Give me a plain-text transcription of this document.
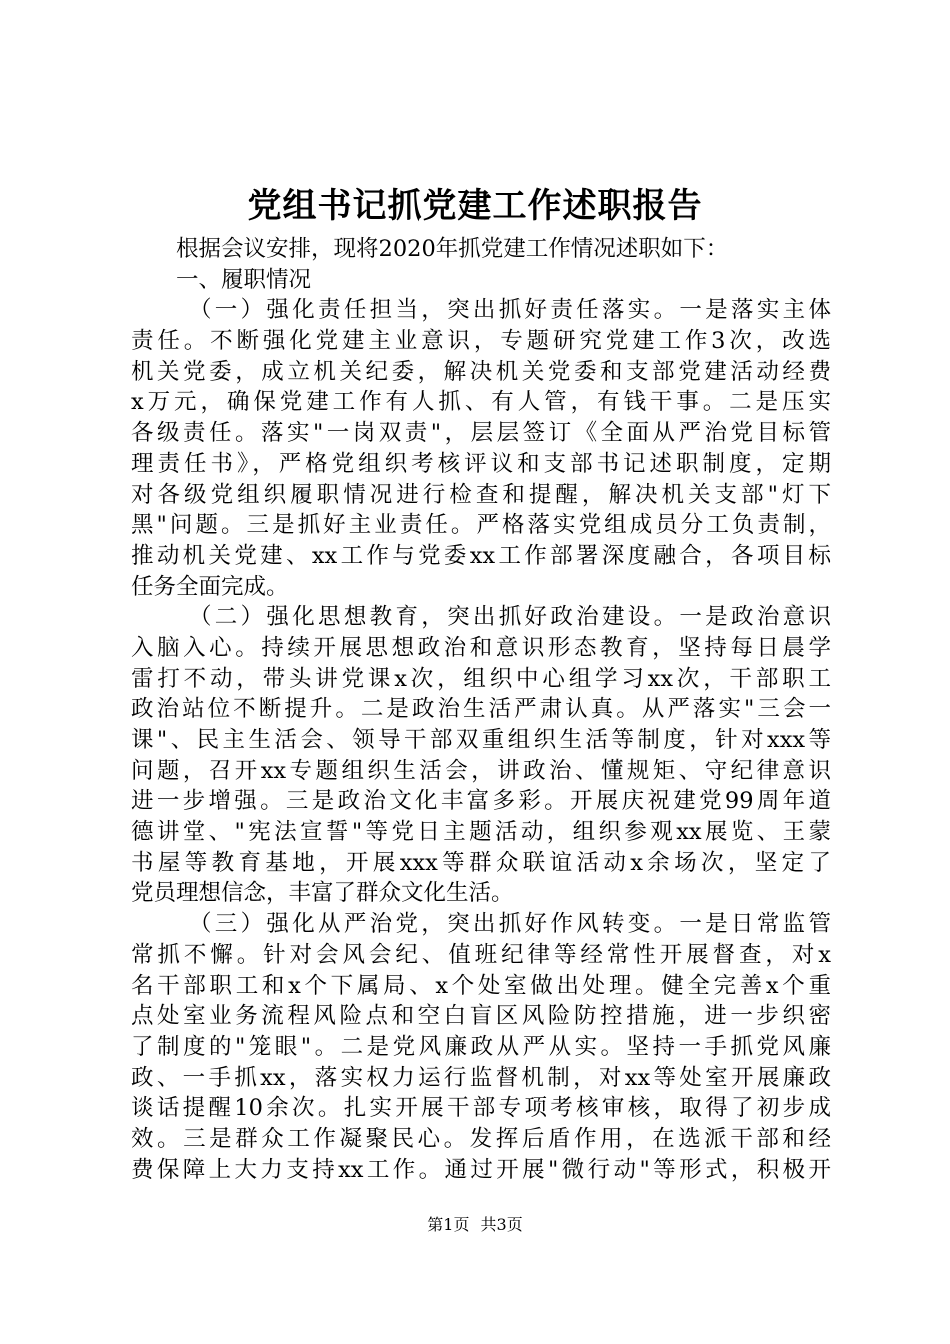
党组书记抓党建工作述职报告
根据会议安排，现将2020年抓党建工作情况述职如下：
一、履职情况
（一）强化责任担当，突出抓好责任落实。一是落实主体
责任。不断强化党建主业意识，专题研究党建工作3次，改选
机关党委，成立机关纪委，解决机关党委和支部党建活动经费
x万元，确保党建工作有人抓、有人管，有钱干事。二是压实
各级责任。落实"一岗双责"，层层签订《全面从严治党目标管
理责任书》，严格党组织考核评议和支部书记述职制度，定期
对各级党组织履职情况进行检查和提醒，解决机关支部"灯下
黑"问题。三是抓好主业责任。严格落实党组成员分工负责制，
推动机关党建、xx工作与党委xx工作部署深度融合，各项目标
任务全面完成。
（二）强化思想教育，突出抓好政治建设。一是政治意识
入脑入心。持续开展思想政治和意识形态教育，坚持每日晨学
雷打不动，带头讲党课x次，组织中心组学习xx次，干部职工
政治站位不断提升。二是政治生活严肃认真。从严落实"三会一
课"、民主生活会、领导干部双重组织生活等制度，针对xxx等
问题，召开xx专题组织生活会，讲政治、懂规矩、守纪律意识
进一步增强。三是政治文化丰富多彩。开展庆祝建党99周年道
德讲堂、"宪法宣誓"等党日主题活动，组织参观xx展览、王蒙
书屋等教育基地，开展xxx等群众联谊活动x余场次，坚定了
党员理想信念，丰富了群众文化生活。
（三）强化从严治党，突出抓好作风转变。一是日常监管
常抓不懈。针对会风会纪、值班纪律等经常性开展督查，对x
名干部职工和x个下属局、x个处室做出处理。健全完善x个重
点处室业务流程风险点和空白盲区风险防控措施，进一步织密
了制度的"笼眼"。二是党风廉政从严从实。坚持一手抓党风廉
政、一手抓xx，落实权力运行监督机制，对xx等处室开展廉政
谈话提醒10余次。扎实开展干部专项考核审核，取得了初步成
效。三是群众工作凝聚民心。发挥后盾作用，在选派干部和经
费保障上大力支持xx工作。通过开展"微行动"等形式，积极开
第1页 共3页
